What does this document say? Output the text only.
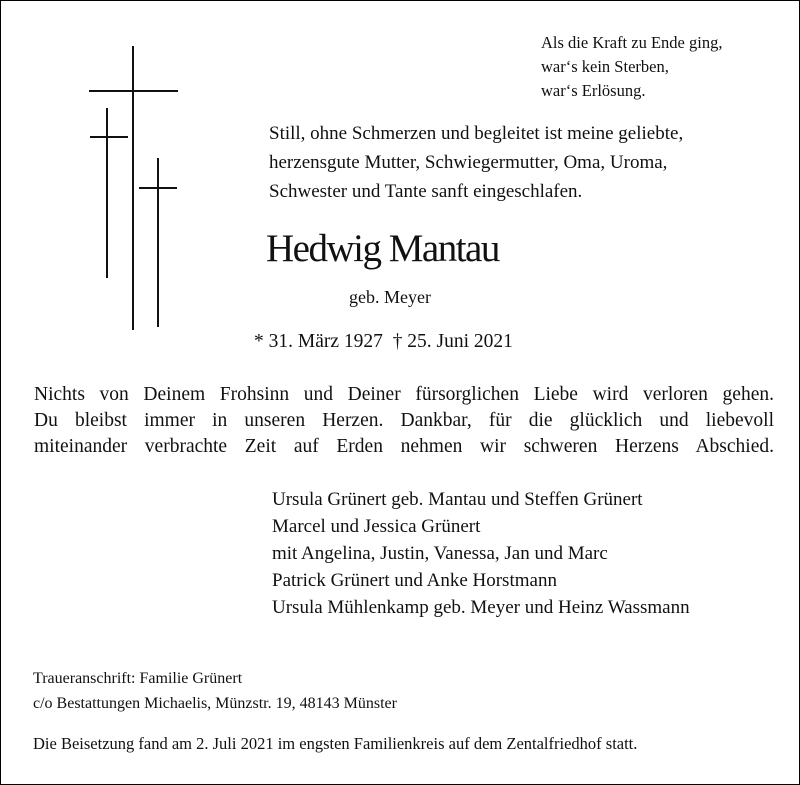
Als die Kraft zu Ende ging,
war‘s kein Sterben,
war‘s Erlösung.
Still, ohne Schmerzen und begleitet ist meine geliebte,
herzensgute Mutter, Schwiegermutter, Oma, Uroma,
Schwester und Tante sanft eingeschlafen.
Hedwig Mantau
geb. Meyer
* 31. März 1927  † 25. Juni 2021
Nichts von Deinem Frohsinn und Deiner fürsorglichen Liebe wird verloren gehen.
Du bleibst immer in unseren Herzen. Dankbar, für die glücklich und liebevoll
miteinander verbrachte Zeit auf Erden nehmen wir schweren Herzens Abschied.
Ursula Grünert geb. Mantau und Steffen Grünert
Marcel und Jessica Grünert
mit Angelina, Justin, Vanessa, Jan und Marc
Patrick Grünert und Anke Horstmann
Ursula Mühlenkamp geb. Meyer und Heinz Wassmann
Traueranschrift: Familie Grünert
c/o Bestattungen Michaelis, Münzstr. 19, 48143 Münster
Die Beisetzung fand am 2. Juli 2021 im engsten Familienkreis auf dem Zentalfriedhof statt.
